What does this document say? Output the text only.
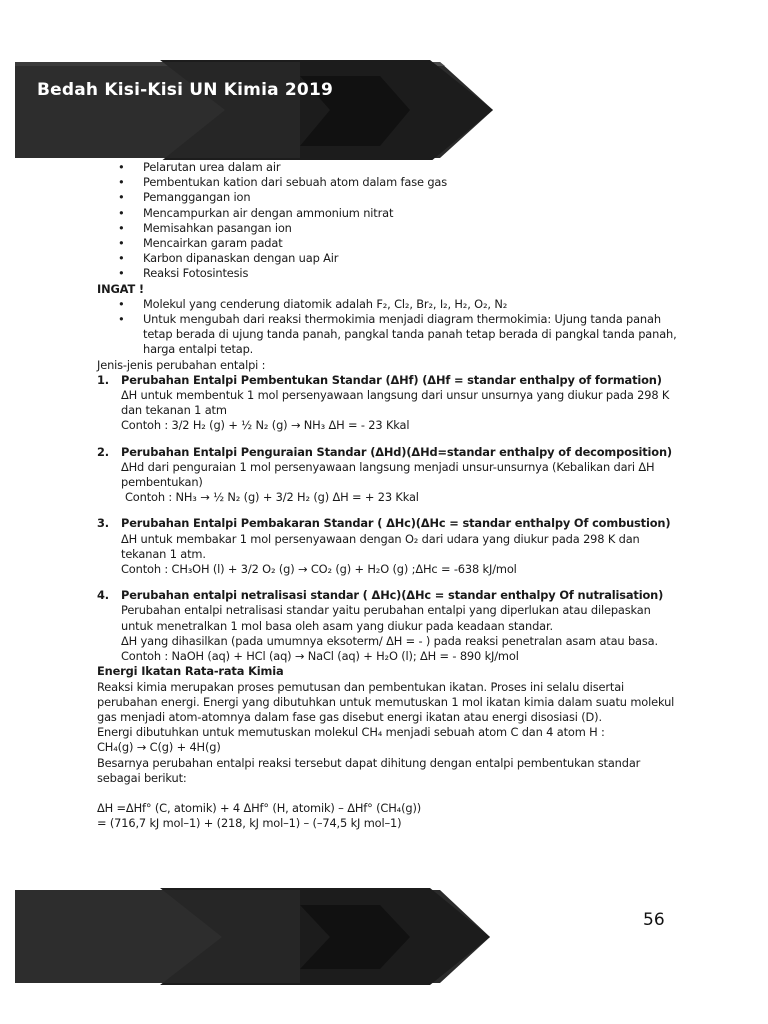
Bedah Kisi-Kisi UN Kimia 2019
• Pelarutan urea dalam air
• Pembentukan kation dari sebuah atom dalam fase gas
• Pemanggangan ion
• Mencampurkan air dengan ammonium nitrat
• Memisahkan pasangan ion
• Mencairkan garam padat
• Karbon dipanaskan dengan uap Air
• Reaksi Fotosintesis

INGAT !

• Molekul yang cenderung diatomik adalah F₂, Cl₂, Br₂, I₂, H₂, O₂, N₂
• Untuk mengubah dari reaksi thermokimia menjadi diagram thermokimia: Ujung tanda panah tetap berada di ujung tanda panah, pangkal tanda panah tetap berada di pangkal tanda panah, harga entalpi tetap.

Jenis-jenis perubahan entalpi :

1. Perubahan Entalpi Pembentukan Standar (ΔHf) (ΔHf = standar enthalpy of formation)

ΔH untuk membentuk 1 mol persenyawaan langsung dari unsur unsurnya yang diukur pada 298 K dan tekanan 1 atm

Contoh : 3/2 H₂ (g) + ½ N₂ (g) → NH₃ ΔH = - 23 Kkal

2. Perubahan Entalpi Penguraian Standar (ΔHd)(ΔHd=standar enthalpy of decomposition)

ΔHd dari penguraian 1 mol persenyawaan langsung menjadi unsur-unsurnya (Kebalikan dari ΔH pembentukan)

Contoh : NH₃ → ½ N₂ (g) + 3/2 H₂ (g) ΔH = + 23 Kkal

3. Perubahan Entalpi Pembakaran Standar ( ΔHc)(ΔHc = standar enthalpy Of combustion)

ΔH untuk membakar 1 mol persenyawaan dengan O₂ dari udara yang diukur pada 298 K dan tekanan 1 atm.

Contoh : CH₃OH (l) + 3/2 O₂ (g) → CO₂ (g) + H₂O (g) ;ΔHc = -638 kJ/mol

4. Perubahan entalpi netralisasi standar ( ΔHc)(ΔHc = standar enthalpy Of nutralisation)

Perubahan entalpi netralisasi standar yaitu perubahan entalpi yang diperlukan atau dilepaskan untuk menetralkan 1 mol basa oleh asam yang diukur pada keadaan standar.

ΔH yang dihasilkan (pada umumnya eksoterm/ ΔH = - ) pada reaksi penetralan asam atau basa.

Contoh : NaOH (aq) + HCl (aq) → NaCl (aq) + H₂O (l); ΔH = - 890 kJ/mol

Energi Ikatan Rata-rata Kimia

Reaksi kimia merupakan proses pemutusan dan pembentukan ikatan. Proses ini selalu disertai perubahan energi. Energi yang dibutuhkan untuk memutuskan 1 mol ikatan kimia dalam suatu molekul gas menjadi atom-atomnya dalam fase gas disebut energi ikatan atau energi disosiasi (D).

Energi dibutuhkan untuk memutuskan molekul CH₄ menjadi sebuah atom C dan 4 atom H :

CH₄(g) → C(g) + 4H(g)

Besarnya perubahan entalpi reaksi tersebut dapat dihitung dengan entalpi pembentukan standar sebagai berikut:

ΔH =ΔHf° (C, atomik) + 4 ΔHf° (H, atomik) – ΔHf° (CH₄(g))

= (716,7 kJ mol–1) + (218, kJ mol–1) – (–74,5 kJ mol–1)

56
